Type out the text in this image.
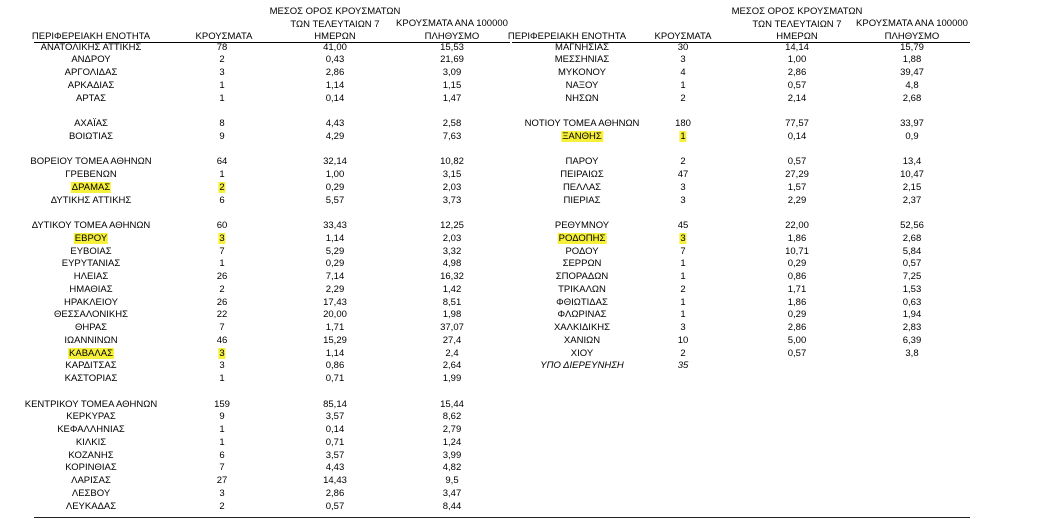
ΠΕΡΙΦΕΡΕΙΑΚΗ ΕΝΟΤΗΤΑ	ΚΡΟΥΣΜΑΤΑ
ΜΕΣΟΣ ΟΡΟΣ ΚΡΟΥΣΜΑΤΩΝ
ΤΩΝ ΤΕΛΕΥΤΑΙΩΝ 7
ΗΜΕΡΩΝ
ΚΡΟΥΣΜΑΤΑ ΑΝΑ 100000
ΠΛΗΘΥΣΜΟ	ΠΕΡΙΦΕΡΕΙΑΚΗ ΕΝΟΤΗΤΑ	ΚΡΟΥΣΜΑΤΑ
ΜΕΣΟΣ ΟΡΟΣ ΚΡΟΥΣΜΑΤΩΝ
ΤΩΝ ΤΕΛΕΥΤΑΙΩΝ 7
ΗΜΕΡΩΝ
ΚΡΟΥΣΜΑΤΑ ΑΝΑ 100000
ΠΛΗΘΥΣΜΟ
ΑΝΑΤΟΛΙΚΗΣ ΑΤΤΙΚΗΣ	78	41,00	15,53
ΑΝΔΡΟΥ	2	0,43	21,69
ΑΡΓΟΛΙΔΑΣ	3	2,86	3,09
ΑΡΚΑΔΙΑΣ	1	1,14	1,15
ΑΡΤΑΣ	1	0,14	1,47
ΑΧΑΪΑΣ	8	4,43	2,58
ΒΟΙΩΤΙΑΣ	9	4,29	7,63
ΒΟΡΕΙΟΥ ΤΟΜΕΑ ΑΘΗΝΩΝ	64	32,14	10,82
ΓΡΕΒΕΝΩΝ	1	1,00	3,15
ΔΡΑΜΑΣ	2	0,29	2,03
ΔΥΤΙΚΗΣ ΑΤΤΙΚΗΣ	6	5,57	3,73
ΔΥΤΙΚΟΥ ΤΟΜΕΑ ΑΘΗΝΩΝ	60	33,43	12,25
ΕΒΡΟΥ	3	1,14	2,03
ΕΥΒΟΙΑΣ	7	5,29	3,32
ΕΥΡΥΤΑΝΙΑΣ	1	0,29	4,98
ΗΛΕΙΑΣ	26	7,14	16,32
ΗΜΑΘΙΑΣ	2	2,29	1,42
ΗΡΑΚΛΕΙΟΥ	26	17,43	8,51
ΘΕΣΣΑΛΟΝΙΚΗΣ	22	20,00	1,98
ΘΗΡΑΣ	7	1,71	37,07
ΙΩΑΝΝΙΝΩΝ	46	15,29	27,4
ΚΑΒΑΛΑΣ	3	1,14	2,4
ΚΑΡΔΙΤΣΑΣ	3	0,86	2,64
ΚΑΣΤΟΡΙΑΣ	1	0,71	1,99
ΚΕΝΤΡΙΚΟΥ ΤΟΜΕΑ ΑΘΗΝΩΝ	159	85,14	15,44
ΚΕΡΚΥΡΑΣ	9	3,57	8,62
ΚΕΦΑΛΛΗΝΙΑΣ	1	0,14	2,79
ΚΙΛΚΙΣ	1	0,71	1,24
ΚΟΖΑΝΗΣ	6	3,57	3,99
ΚΟΡΙΝΘΙΑΣ	7	4,43	4,82
ΛΑΡΙΣΑΣ	27	14,43	9,5
ΛΕΣΒΟΥ	3	2,86	3,47
ΛΕΥΚΑΔΑΣ	2	0,57	8,44
ΜΑΓΝΗΣΙΑΣ	30	14,14	15,79
ΜΕΣΣΗΝΙΑΣ	3	1,00	1,88
ΜΥΚΟΝΟΥ	4	2,86	39,47
ΝΑΞΟΥ	1	0,57	4,8
ΝΗΣΩΝ	2	2,14	2,68
ΝΟΤΙΟΥ ΤΟΜΕΑ ΑΘΗΝΩΝ	180	77,57	33,97
ΞΑΝΘΗΣ	1	0,14	0,9
ΠΑΡΟΥ	2	0,57	13,4
ΠΕΙΡΑΙΩΣ	47	27,29	10,47
ΠΕΛΛΑΣ	3	1,57	2,15
ΠΙΕΡΙΑΣ	3	2,29	2,37
ΡΕΘΥΜΝΟΥ	45	22,00	52,56
ΡΟΔΟΠΗΣ	3	1,86	2,68
ΡΟΔΟΥ	7	10,71	5,84
ΣΕΡΡΩΝ	1	0,29	0,57
ΣΠΟΡΑΔΩΝ	1	0,86	7,25
ΤΡΙΚΑΛΩΝ	2	1,71	1,53
ΦΘΙΩΤΙΔΑΣ	1	1,86	0,63
ΦΛΩΡΙΝΑΣ	1	0,29	1,94
ΧΑΛΚΙΔΙΚΗΣ	3	2,86	2,83
ΧΑΝΙΩΝ	10	5,00	6,39
ΧΙΟΥ	2	0,57	3,8
ΥΠΟ ΔΙΕΡΕΥΝΗΣΗ	35
